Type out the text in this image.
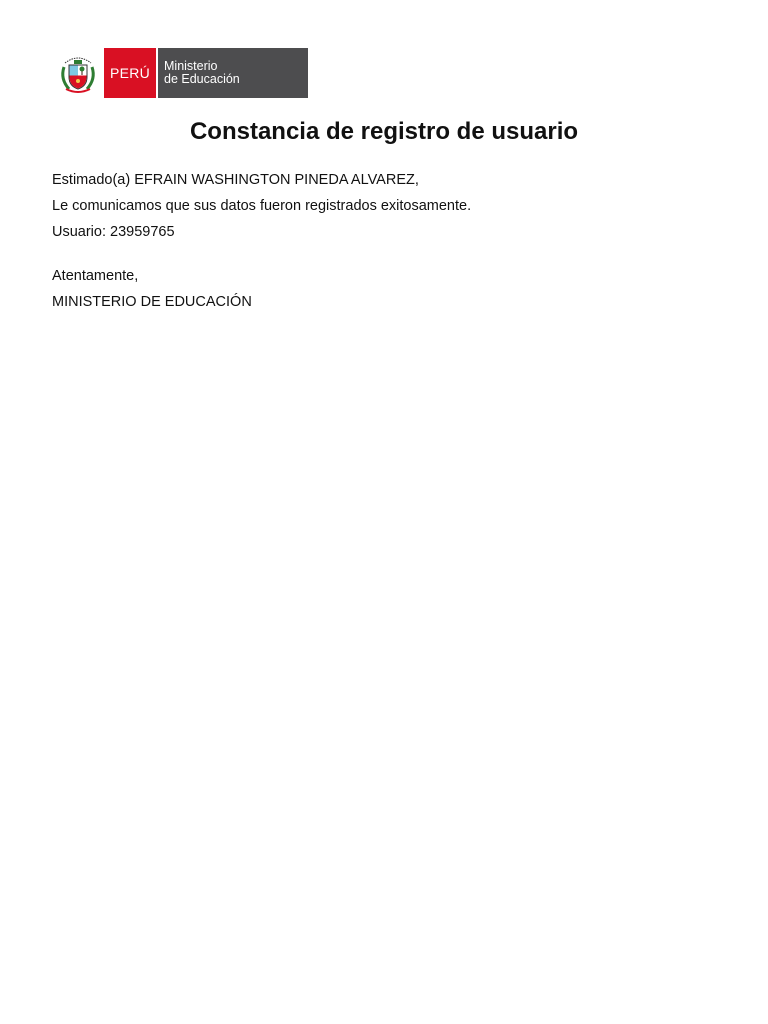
PERÚ	Ministerio
de Educación
Constancia de registro de usuario

Estimado(a) EFRAIN WASHINGTON PINEDA ALVAREZ,

Le comunicamos que sus datos fueron registrados exitosamente.

Usuario: 23959765

Atentamente,

MINISTERIO DE EDUCACIÓN
